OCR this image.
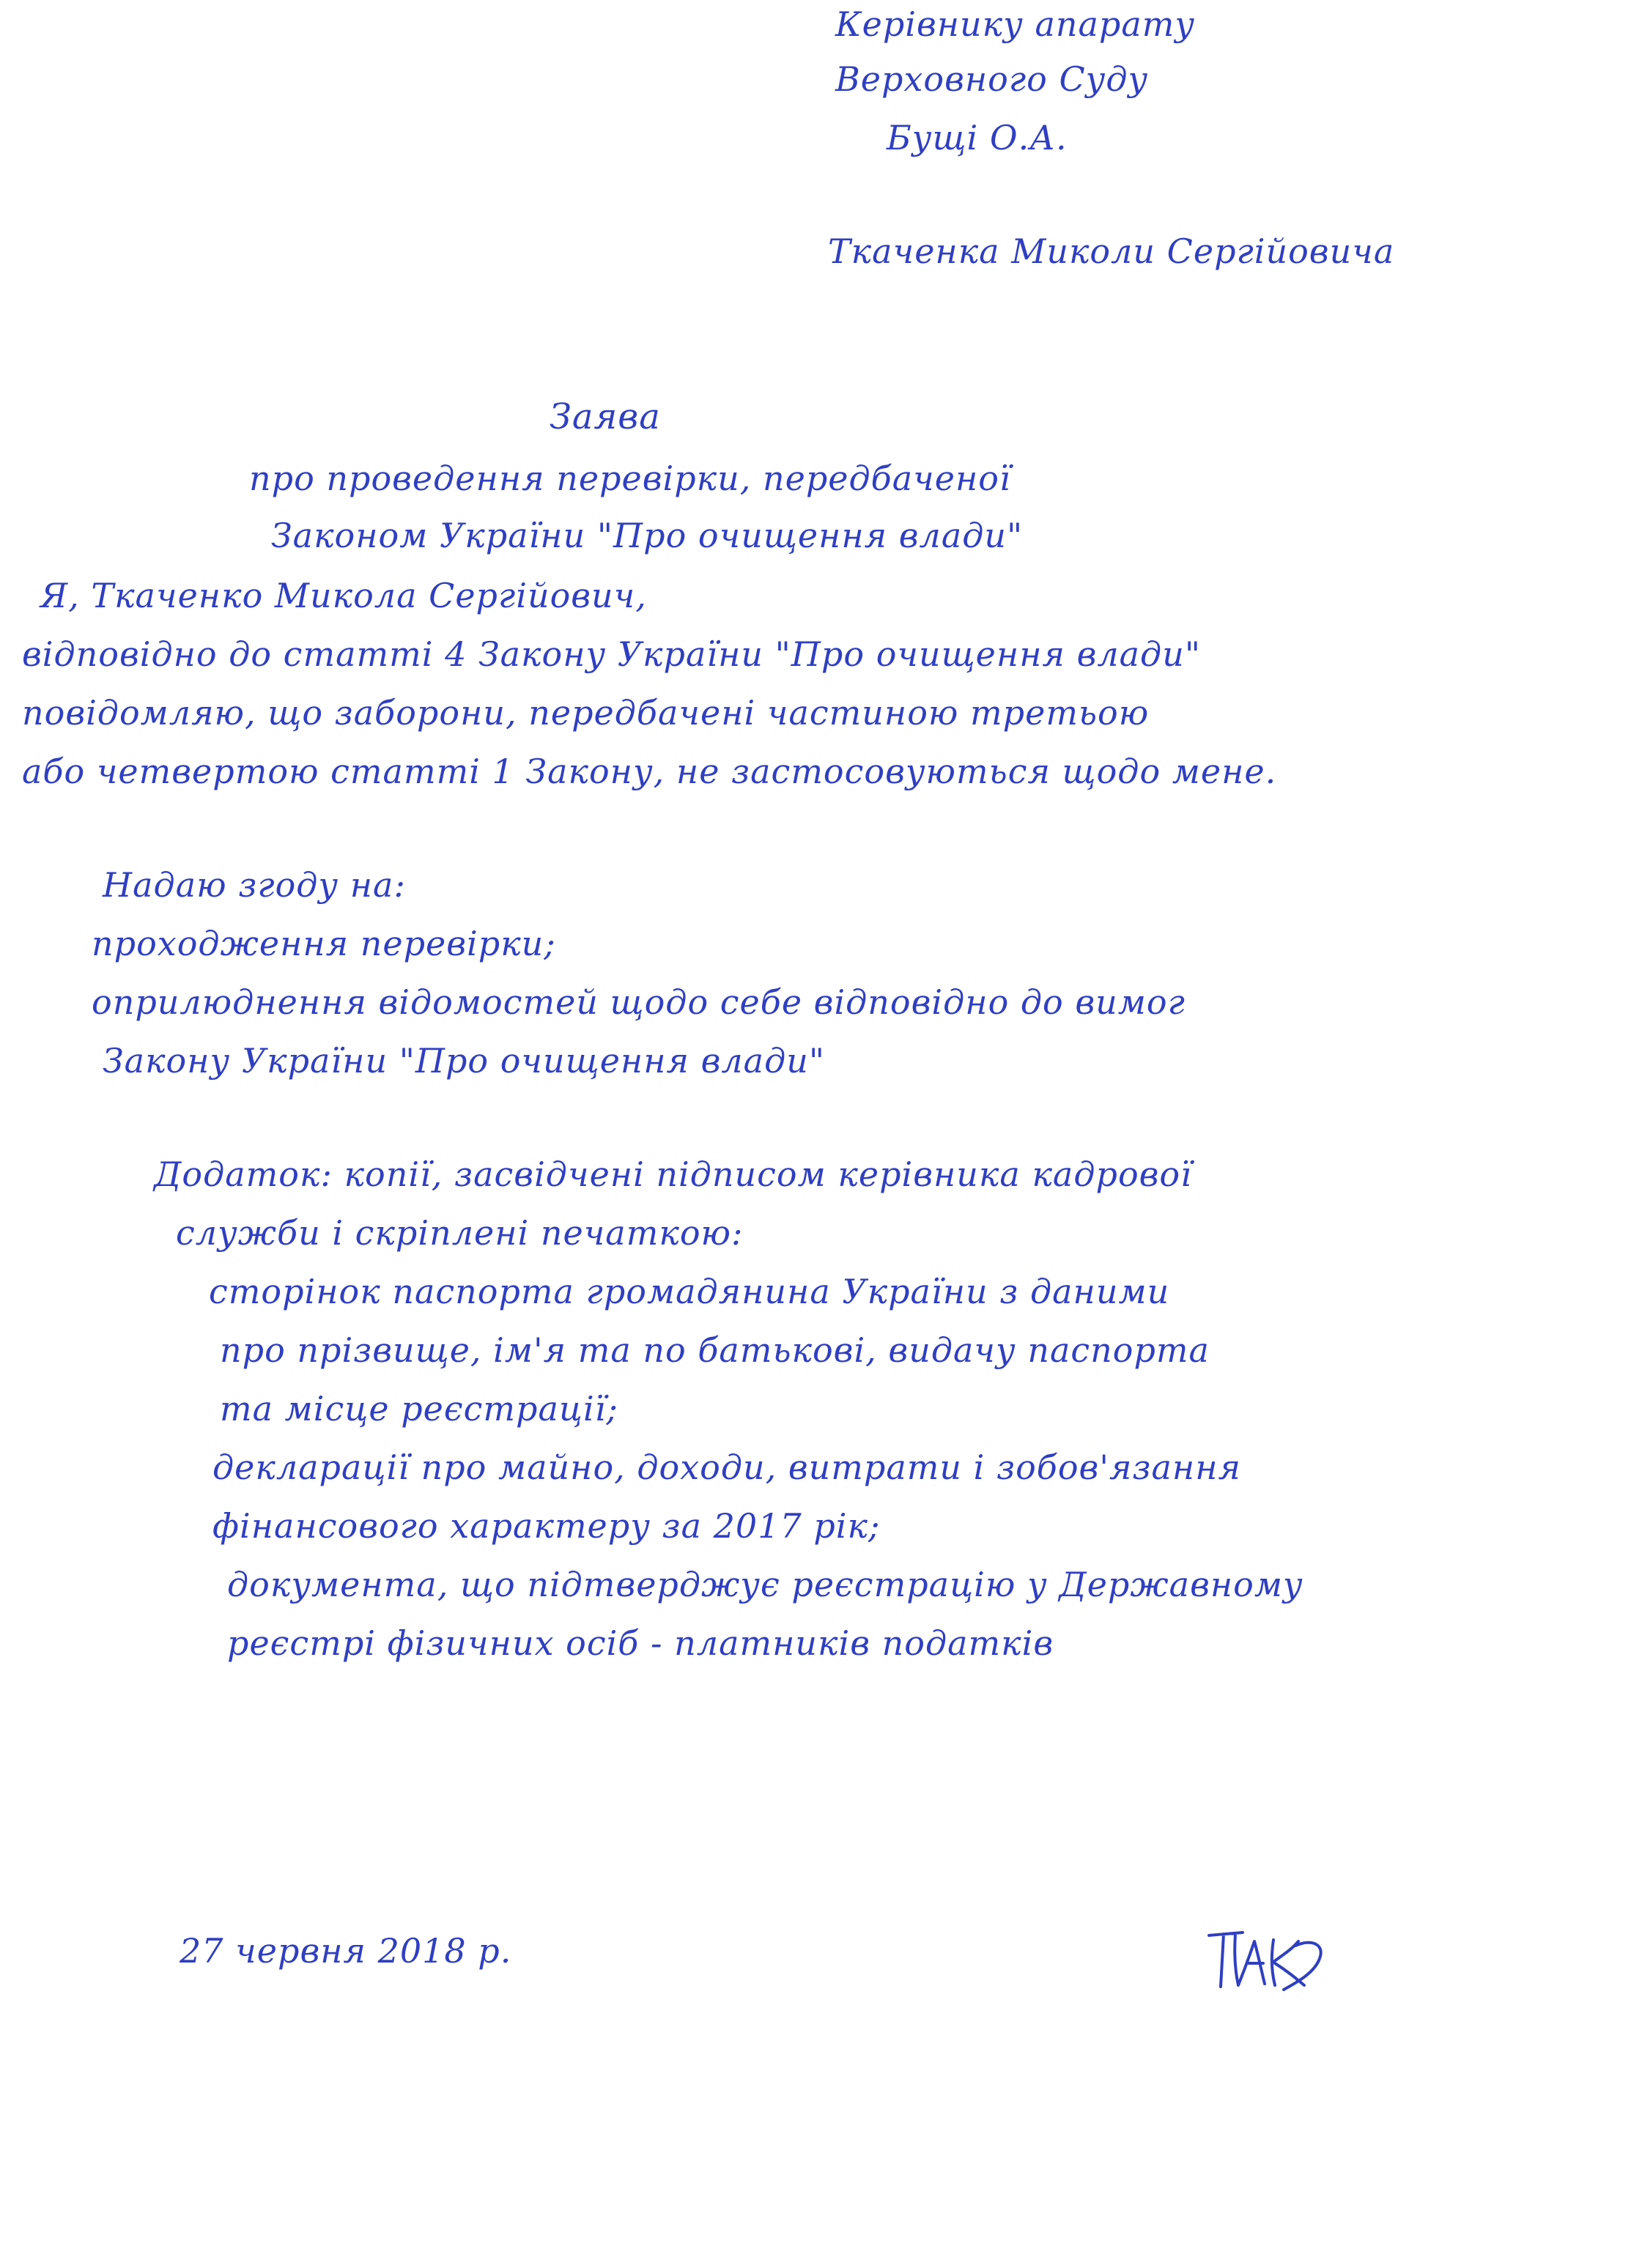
Керівнику апарату
Верховного Суду
Бущі О.А.
Ткаченка Миколи Сергійовича
Заява
про проведення перевірки, передбаченої
Законом України "Про очищення влади"
Я, Ткаченко Микола Сергійович,
відповідно до статті 4 Закону України "Про очищення влади"
повідомляю, що заборони, передбачені частиною третьою
або четвертою статті 1 Закону, не застосовуються щодо мене.
Надаю згоду на:
проходження перевірки;
оприлюднення відомостей щодо себе відповідно до вимог
Закону України "Про очищення влади"
Додаток: копії, засвідчені підписом керівника кадрової
служби і скріплені печаткою:
сторінок паспорта громадянина України з даними
про прізвище, ім'я та по батькові, видачу паспорта
та місце реєстрації;
декларації про майно, доходи, витрати і зобов'язання
фінансового характеру за 2017 рік;
документа, що підтверджує реєстрацію у Державному
реєстрі фізичних осіб - платників податків
27 червня 2018 р.
